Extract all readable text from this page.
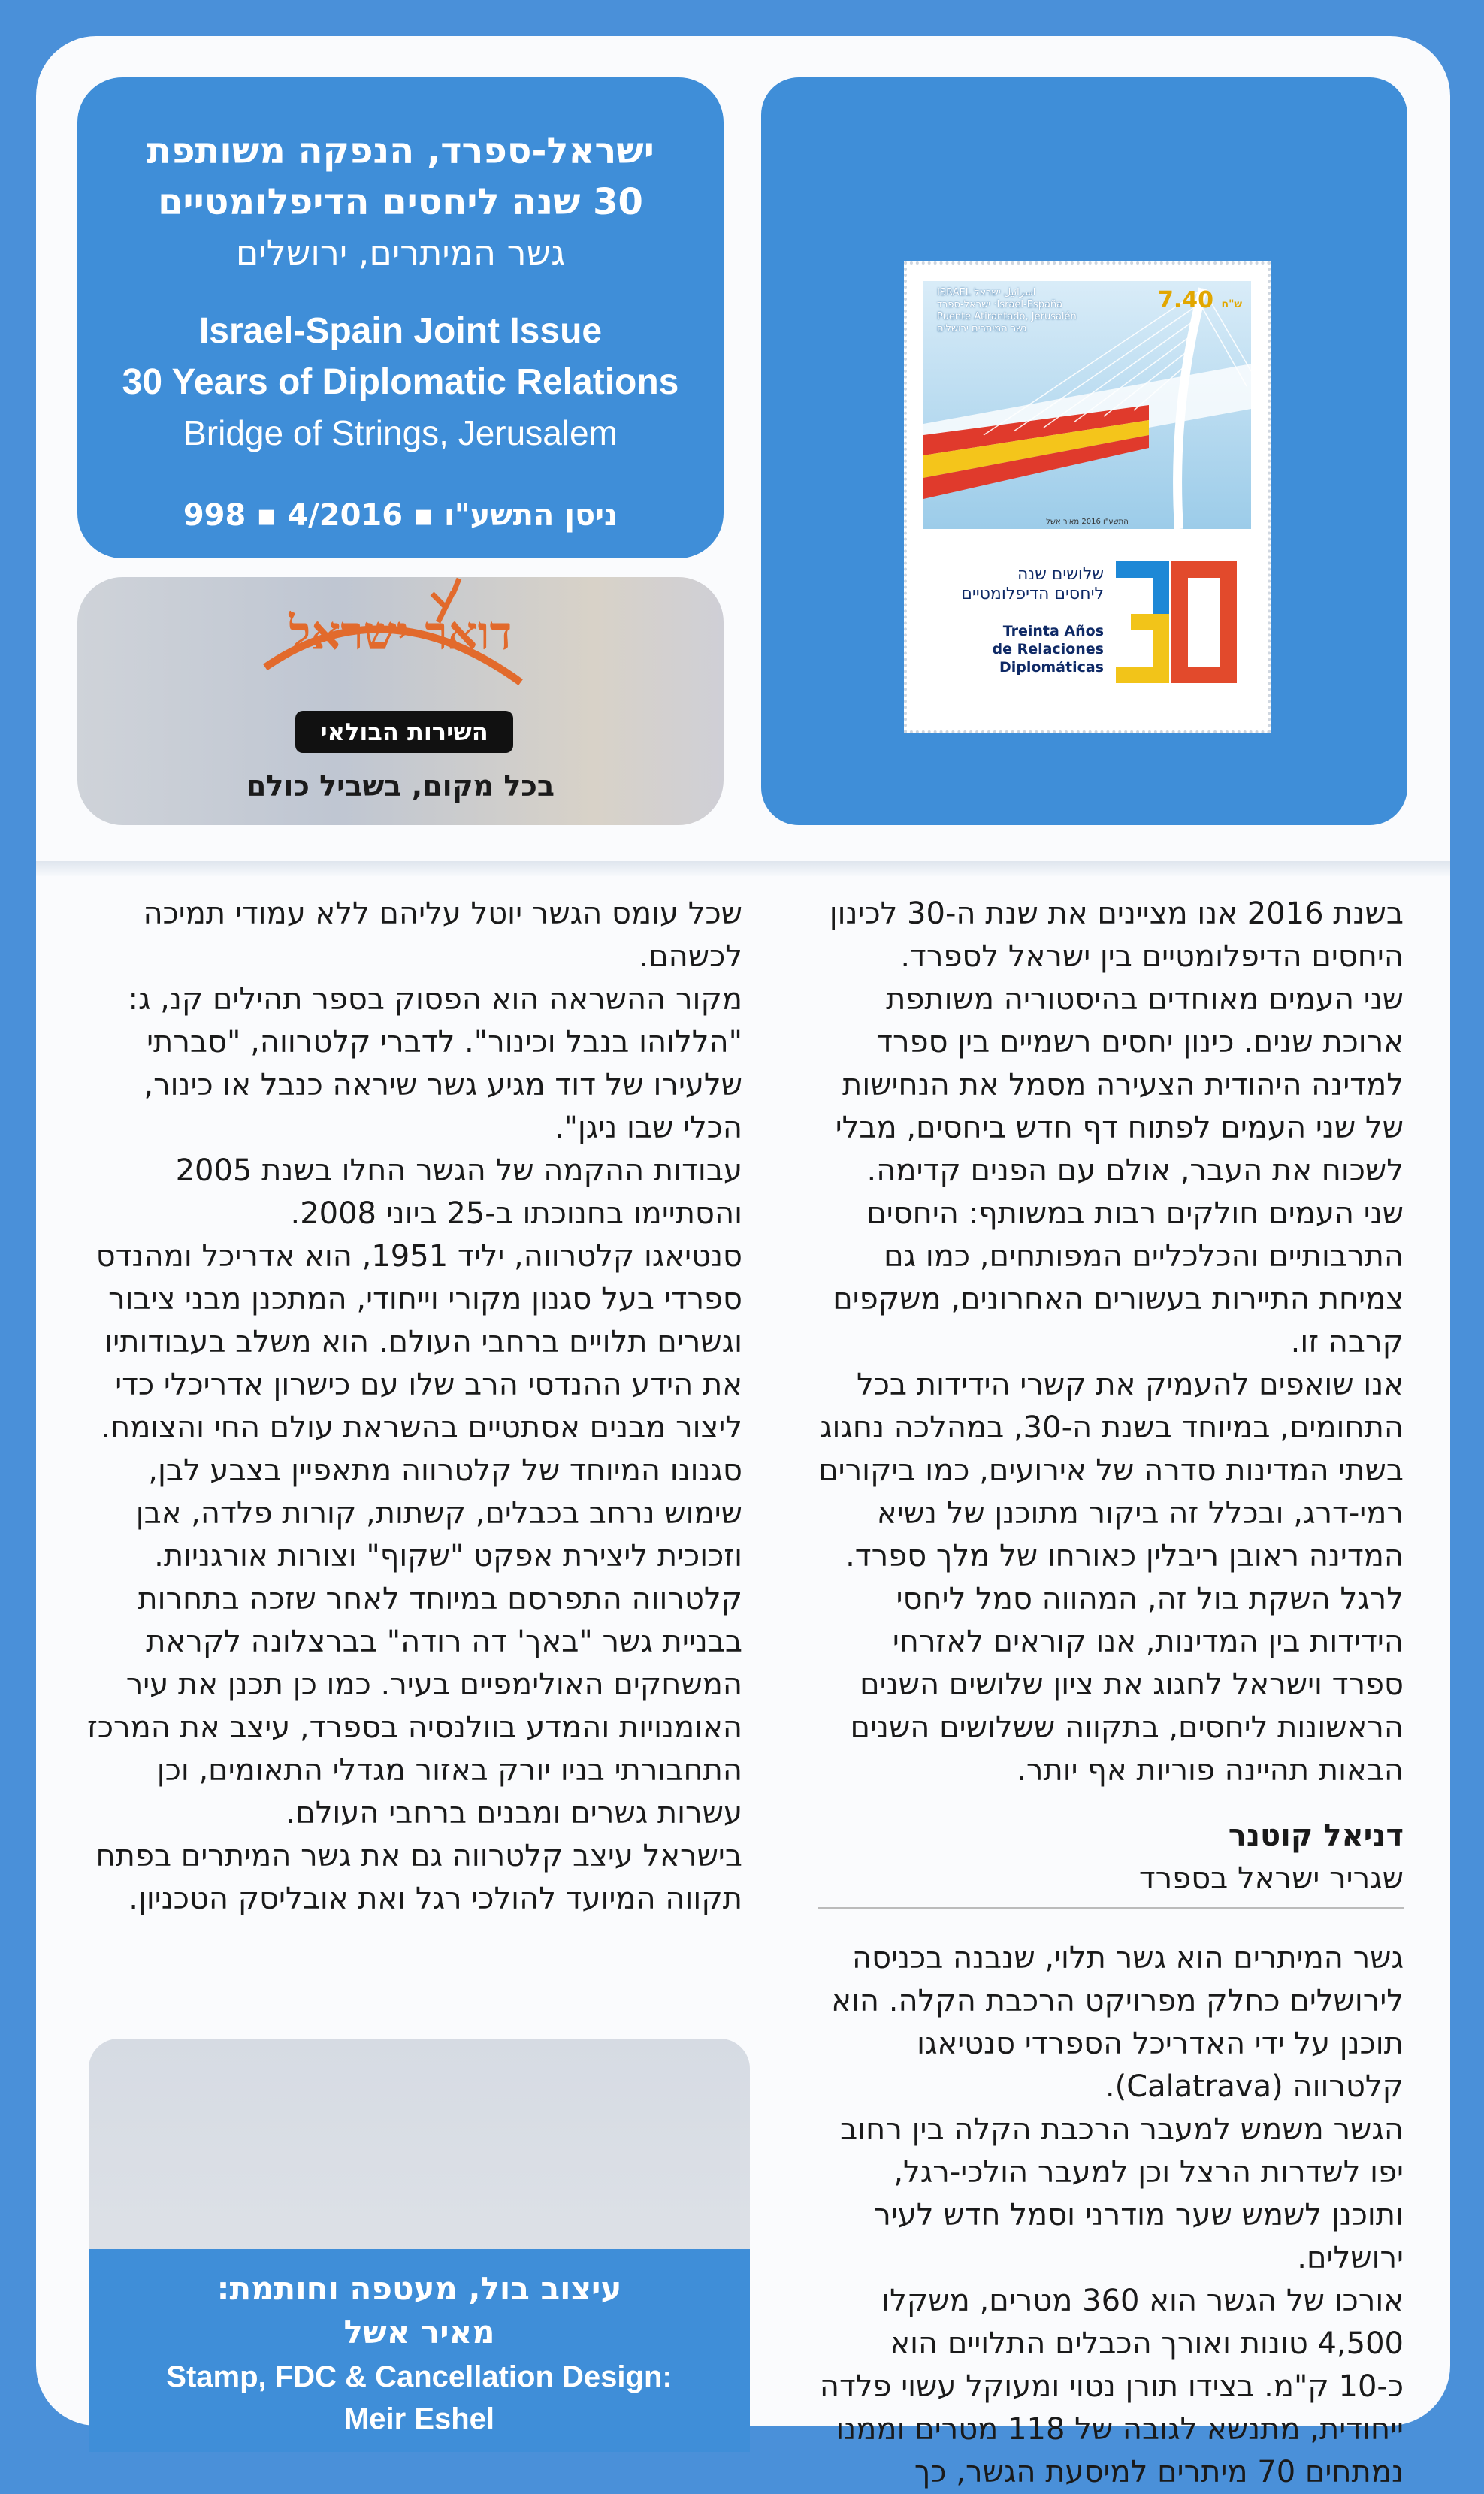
ישראל-ספרד, הנפקה משותפת
30 שנה ליחסים הדיפלומטיים
גשר המיתרים, ירושלים
Israel-Spain Joint Issue
30 Years of Diplomatic Relations
Bridge of Strings, Jerusalem
ניסן התשע"ו ▪ 4/2016 ▪ 998
דואר ישראל
השירות הבולאי
בכל מקום, בשביל כולם
ISRAEL اسرائيل ישראל
ישראל-ספרד ·Israel-España
Puente Atirantado, Jerusalén
גשר המיתרים ירושלים
7.40 ש"ח
התשע"ו 2016 מאיר אשל
שלושים שנה
ליחסים הדיפלומטיים
Treinta Años
de Relaciones
Diplomáticas

בשנת 2016 אנו מציינים את שנת ה-30 לכינון היחסים הדיפלומטיים בין ישראל לספרד.

שני העמים מאוחדים בהיסטוריה משותפת ארוכת שנים. כינון יחסים רשמיים בין ספרד למדינה היהודית הצעירה מסמל את הנחישות של שני העמים לפתוח דף חדש ביחסים, מבלי לשכוח את העבר, אולם עם הפנים קדימה.

שני העמים חולקים רבות במשותף: היחסים התרבותיים והכלכליים המפותחים, כמו גם צמיחת התיירות בעשורים האחרונים, משקפים קרבה זו.

אנו שואפים להעמיק את קשרי הידידות בכל התחומים, במיוחד בשנת ה-30, במהלכה נחגוג בשתי המדינות סדרה של אירועים, כמו ביקורים רמי-דרג, ובכלל זה ביקור מתוכנן של נשיא המדינה ראובן ריבלין כאורחו של מלך ספרד.

לרגל השקת בול זה, המהווה סמל ליחסי הידידות בין המדינות, אנו קוראים לאזרחי ספרד וישראל לחגוג את ציון שלושים השנים הראשונות ליחסים, בתקווה ששלושים השנים הבאות תהיינה פוריות אף יותר.

דניאל קוטנר

שגריר ישראל בספרד

גשר המיתרים הוא גשר תלוי, שנבנה בכניסה לירושלים כחלק מפרויקט הרכבת הקלה. הוא תוכנן על ידי האדריכל הספרדי סנטיאגו קלטרווה (Calatrava).

הגשר משמש למעבר הרכבת הקלה בין רחוב יפו לשדרות הרצל וכן למעבר הולכי-רגל, ותוכנן לשמש שער מודרני וסמל חדש לעיר ירושלים.

אורכו של הגשר הוא 360 מטרים, משקלו 4,500 טונות ואורך הכבלים התלויים הוא כ-10 ק"מ. בצידו תורן נטוי ומעוקל עשוי פלדה ייחודית, מתנשא לגובה של 118 מטרים וממנו נמתחים 70 מיתרים למיסעת הגשר, כך

שכל עומס הגשר יוטל עליהם ללא עמודי תמיכה לכשהם.

מקור ההשראה הוא הפסוק בספר תהילים קנ, ג: "הללוהו בנבל וכינור". לדברי קלטרווה, "סברתי שלעירו של דוד מגיע גשר שיראה כנבל או כינור, הכלי שבו ניגן".

עבודות ההקמה של הגשר החלו בשנת 2005 והסתיימו בחנוכתו ב-25 ביוני 2008.

סנטיאגו קלטרווה, יליד 1951, הוא אדריכל ומהנדס ספרדי בעל סגנון מקורי וייחודי, המתכנן מבני ציבור וגשרים תלויים ברחבי העולם. הוא משלב בעבודותיו את הידע ההנדסי הרב שלו עם כישרון אדריכלי כדי ליצור מבנים אסתטיים בהשראת עולם החי והצומח. סגנונו המיוחד של קלטרווה מתאפיין בצבע לבן, שימוש נרחב בכבלים, קשתות, קורות פלדה, אבן וזכוכית ליצירת אפקט "שקוף" וצורות אורגניות.

קלטרווה התפרסם במיוחד לאחר שזכה בתחרות בבניית גשר "באך' דה רודה" בברצלונה לקראת המשחקים האולימפיים בעיר. כמו כן תכנן את עיר האומנויות והמדע בוולנסיה בספרד, עיצב את המרכז התחבורתי בניו יורק באזור מגדלי התאומים, וכן עשרות גשרים ומבנים ברחבי העולם.

בישראל עיצב קלטרווה גם את גשר המיתרים בפתח תקווה המיועד להולכי רגל ואת אובליסק הטכניון.

עיצוב בול, מעטפה וחותמת:
מאיר אשל
Stamp, FDC & Cancellation Design:
Meir Eshel
